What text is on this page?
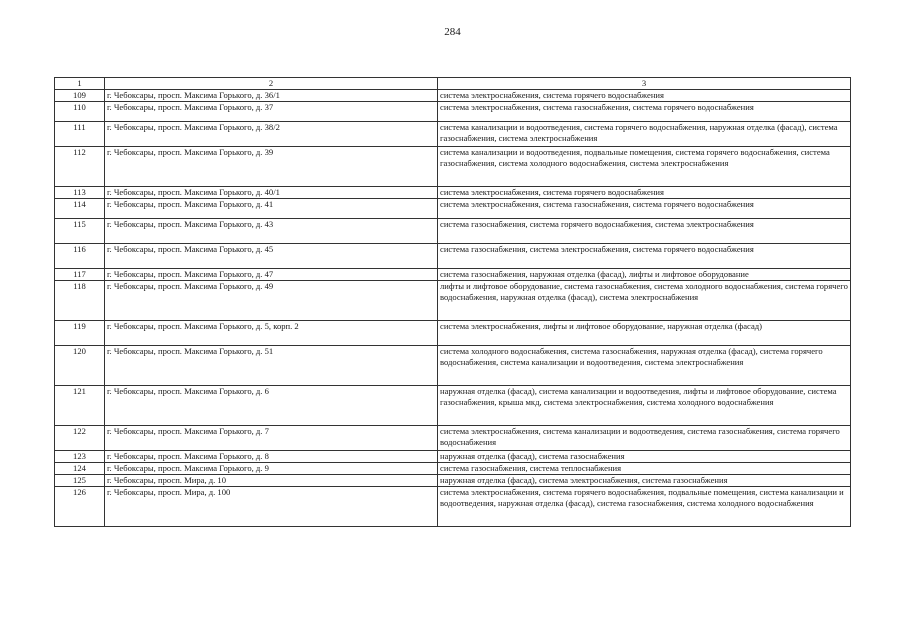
284
1	2	3
109	г. Чебоксары, просп. Максима Горького, д. 36/1	система электроснабжения, система горячего водоснабжения
110	г. Чебоксары, просп. Максима Горького, д. 37	система электроснабжения, система газоснабжения, система горячего водоснабжения
111	г. Чебоксары, просп. Максима Горького, д. 38/2	система канализации и водоотведения, система горячего водоснабжения, наружная отделка (фасад), система газоснабжения, система электроснабжения
112	г. Чебоксары, просп. Максима Горького, д. 39	система канализации и водоотведения, подвальные помещения, система горячего водоснабжения, система газоснабжения, система холодного водоснабжения, система электроснабжения
113	г. Чебоксары, просп. Максима Горького, д. 40/1	система электроснабжения, система горячего водоснабжения
114	г. Чебоксары, просп. Максима Горького, д. 41	система электроснабжения, система газоснабжения, система горячего водоснабжения
115	г. Чебоксары, просп. Максима Горького, д. 43	система газоснабжения, система горячего водоснабжения, система электроснабжения
116	г. Чебоксары, просп. Максима Горького, д. 45	система газоснабжения, система электроснабжения, система горячего водоснабжения
117	г. Чебоксары, просп. Максима Горького, д. 47	система газоснабжения, наружная отделка (фасад), лифты и лифтовое оборудование
118	г. Чебоксары, просп. Максима Горького, д. 49	лифты и лифтовое оборудование, система газоснабжения, система холодного водоснабжения, система горячего водоснабжения, наружная отделка (фасад), система электроснабжения
119	г. Чебоксары, просп. Максима Горького, д. 5, корп. 2	система электроснабжения, лифты и лифтовое оборудование, наружная отделка (фасад)
120	г. Чебоксары, просп. Максима Горького, д. 51	система холодного водоснабжения, система газоснабжения, наружная отделка (фасад), система горячего водоснабжения, система канализации и водоотведения, система электроснабжения
121	г. Чебоксары, просп. Максима Горького, д. 6	наружная отделка (фасад), система канализации и водоотведения, лифты и лифтовое оборудование, система газоснабжения, крыша мкд, система электроснабжения, система холодного водоснабжения
122	г. Чебоксары, просп. Максима Горького, д. 7	система электроснабжения, система канализации и водоотведения, система газоснабжения, система горячего водоснабжения
123	г. Чебоксары, просп. Максима Горького, д. 8	наружная отделка (фасад), система газоснабжения
124	г. Чебоксары, просп. Максима Горького, д. 9	система газоснабжения, система теплоснабжения
125	г. Чебоксары, просп. Мира, д. 10	наружная отделка (фасад), система электроснабжения, система газоснабжения
126	г. Чебоксары, просп. Мира, д. 100	система электроснабжения, система горячего водоснабжения, подвальные помещения, система канализации и водоотведения, наружная отделка (фасад), система газоснабжения, система холодного водоснабжения
